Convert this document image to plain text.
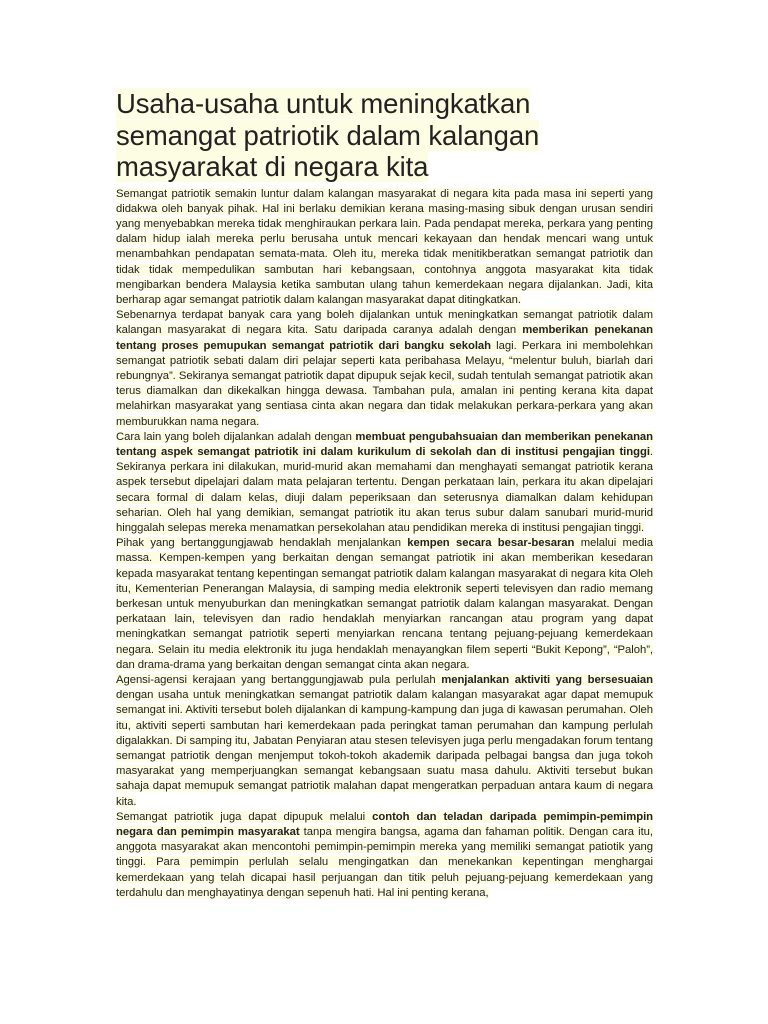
Usaha-usaha untuk meningkatkan semangat patriotik dalam kalangan masyarakat di negara kita

Semangat patriotik semakin luntur dalam kalangan masyarakat di negara kita pada masa ini seperti yang didakwa oleh banyak pihak. Hal ini berlaku demikian kerana masing-masing sibuk dengan urusan sendiri yang menyebabkan mereka tidak menghiraukan perkara lain. Pada pendapat mereka, perkara yang penting dalam hidup ialah mereka perlu berusaha untuk mencari kekayaan dan hendak mencari wang untuk menambahkan pendapatan semata-mata. Oleh itu, mereka tidak menitikberatkan semangat patriotik dan tidak tidak mempedulikan sambutan hari kebangsaan, contohnya anggota masyarakat kita tidak mengibarkan bendera Malaysia ketika sambutan ulang tahun kemerdekaan negara dijalankan. Jadi, kita berharap agar semangat patriotik dalam kalangan masyarakat dapat ditingkatkan.

Sebenarnya terdapat banyak cara yang boleh dijalankan untuk meningkatkan semangat patriotik dalam kalangan masyarakat di negara kita. Satu daripada caranya adalah dengan memberikan penekanan tentang proses pemupukan semangat patriotik dari bangku sekolah lagi. Perkara ini membolehkan semangat patriotik sebati dalam diri pelajar seperti kata peribahasa Melayu, “melentur buluh, biarlah dari rebungnya”. Sekiranya semangat patriotik dapat dipupuk sejak kecil, sudah tentulah semangat patriotik akan terus diamalkan dan dikekalkan hingga dewasa. Tambahan pula, amalan ini penting kerana kita dapat melahirkan masyarakat yang sentiasa cinta akan negara dan tidak melakukan perkara-perkara yang akan memburukkan nama negara.

Cara lain yang boleh dijalankan adalah dengan membuat pengubahsuaian dan memberikan penekanan tentang aspek semangat patriotik ini dalam kurikulum di sekolah dan di institusi pengajian tinggi. Sekiranya perkara ini dilakukan, murid-murid akan memahami dan menghayati semangat patriotik kerana aspek tersebut dipelajari dalam mata pelajaran tertentu. Dengan perkataan lain, perkara itu akan dipelajari secara formal di dalam kelas, diuji dalam peperiksaan dan seterusnya diamalkan dalam kehidupan seharian. Oleh hal yang demikian, semangat patriotik itu akan terus subur dalam sanubari murid-murid hinggalah selepas mereka menamatkan persekolahan atau pendidikan mereka di institusi pengajian tinggi.

Pihak yang bertanggungjawab hendaklah menjalankan kempen secara besar-besaran melalui media massa. Kempen-kempen yang berkaitan dengan semangat patriotik ini akan memberikan kesedaran kepada masyarakat tentang kepentingan semangat patriotik dalam kalangan masyarakat di negara kita Oleh itu, Kementerian Penerangan Malaysia, di samping media elektronik seperti televisyen dan radio memang berkesan untuk menyuburkan dan meningkatkan semangat patriotik dalam kalangan masyarakat. Dengan perkataan lain, televisyen dan radio hendaklah menyiarkan rancangan atau program yang dapat meningkatkan semangat patriotik seperti menyiarkan rencana tentang pejuang-pejuang kemerdekaan negara. Selain itu media elektronik itu juga hendaklah menayangkan filem seperti “Bukit Kepong”, “Paloh”, dan drama-drama yang berkaitan dengan semangat cinta akan negara.

Agensi-agensi kerajaan yang bertanggungjawab pula perlulah menjalankan aktiviti yang bersesuaian dengan usaha untuk meningkatkan semangat patriotik dalam kalangan masyarakat agar dapat memupuk semangat ini. Aktiviti tersebut boleh dijalankan di kampung-kampung dan juga di kawasan perumahan. Oleh itu, aktiviti seperti sambutan hari kemerdekaan pada peringkat taman perumahan dan kampung perlulah digalakkan. Di samping itu, Jabatan Penyiaran atau stesen televisyen juga perlu mengadakan forum tentang semangat patriotik dengan menjemput tokoh-tokoh akademik daripada pelbagai bangsa dan juga tokoh masyarakat yang memperjuangkan semangat kebangsaan suatu masa dahulu. Aktiviti tersebut bukan sahaja dapat memupuk semangat patriotik malahan dapat mengeratkan perpaduan antara kaum di negara kita.

Semangat patriotik juga dapat dipupuk melalui contoh dan teladan daripada pemimpin-pemimpin negara dan pemimpin masyarakat tanpa mengira bangsa, agama dan fahaman politik. Dengan cara itu, anggota masyarakat akan mencontohi pemimpin-pemimpin mereka yang memiliki semangat patiotik yang tinggi. Para pemimpin perlulah selalu mengingatkan dan menekankan kepentingan menghargai kemerdekaan yang telah dicapai hasil perjuangan dan titik peluh pejuang-pejuang kemerdekaan yang terdahulu dan menghayatinya dengan sepenuh hati. Hal ini penting kerana,
